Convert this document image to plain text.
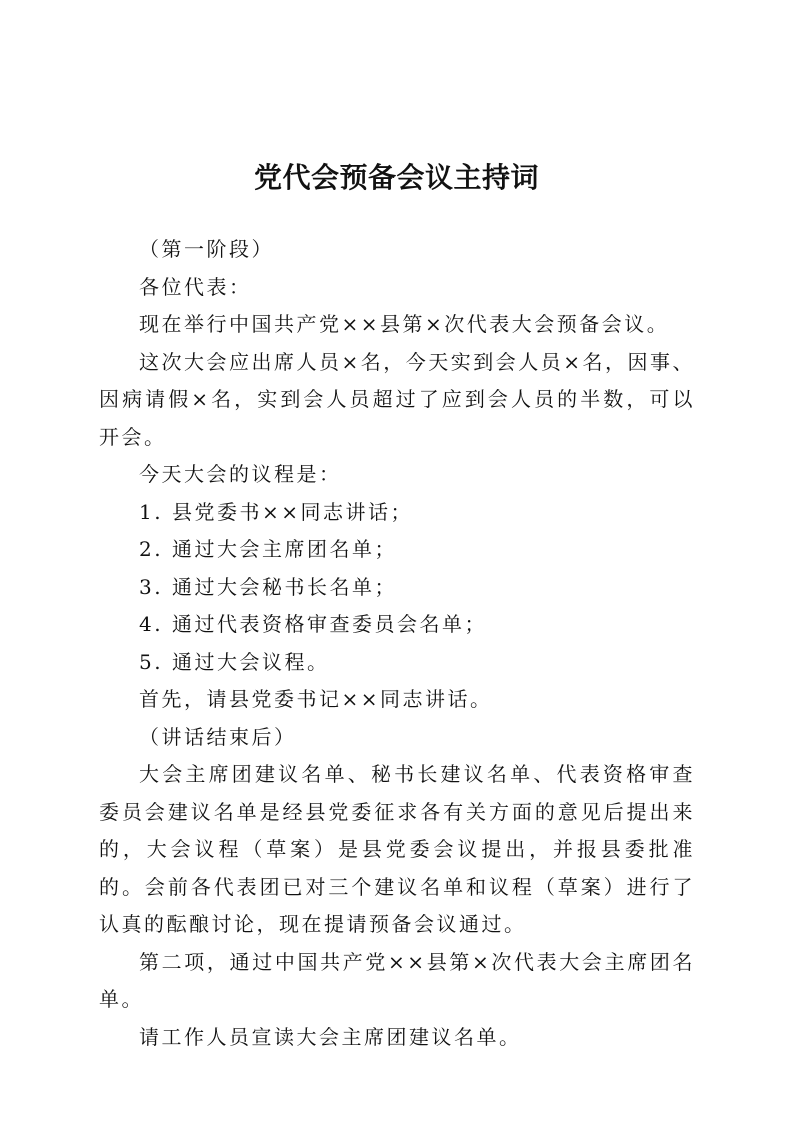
党代会预备会议主持词

（第一阶段）

各位代表：

现在举行中国共产党××县第×次代表大会预备会议。

这次大会应出席人员×名，今天实到会人员×名，因事、因病请假×名，实到会人员超过了应到会人员的半数，可以开会。

今天大会的议程是：

1. 县党委书××同志讲话；

2. 通过大会主席团名单；

3. 通过大会秘书长名单；

4. 通过代表资格审查委员会名单；

5. 通过大会议程。

首先，请县党委书记××同志讲话。

（讲话结束后）

大会主席团建议名单、秘书长建议名单、代表资格审查委员会建议名单是经县党委征求各有关方面的意见后提出来的，大会议程（草案）是县党委会议提出，并报县委批准的。会前各代表团已对三个建议名单和议程（草案）进行了认真的酝酿讨论，现在提请预备会议通过。

第二项，通过中国共产党××县第×次代表大会主席团名单。

请工作人员宣读大会主席团建议名单。
